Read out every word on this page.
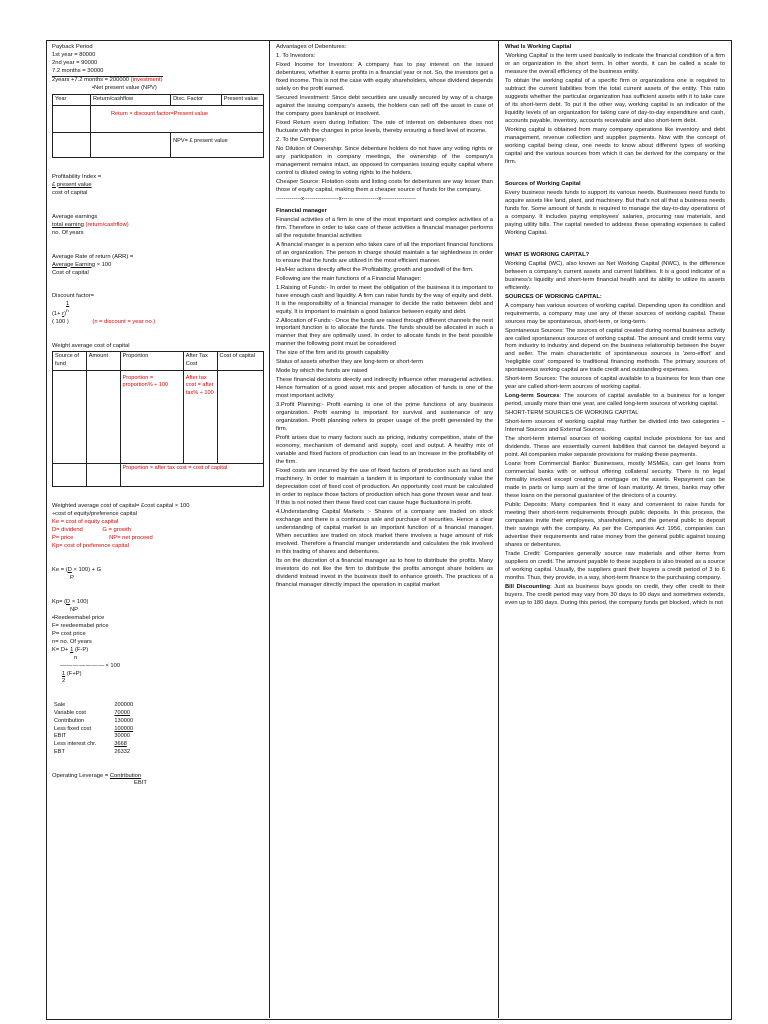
Payback Period

1st year = 80000

2nd year = 90000

7.2 months = 30000

2years +7.2 months = 200000 (investment)

• Net present value (NPV)

Year	Return/cashflow	Disc. Factor	Present value
	Return × discount factor=Present value		
		NPV= £ present value	

Profitability Index =

£ present value

cost of capital

Average earnings

total earning (return/cashflow)

no. Of years

Average Rate of return (ARR) =

Average Earning × 100

Cost of capital

Discount factor=

1

$(1+ r)^n$

( 100 )	(n = discount = year no.)

Weight average cost of capital

Source of fund	Amount	Proportion	After Tax Cost	Cost of capital
		Proportion = proportion% ÷ 100	After tax cost = after tax% ÷ 100	
		Proportion × after tax cost = cost of capital		

Weighted average cost of capital= £cost capital × 100

÷cost of equity/preference capital

Ke = cost of equity capital

D= dividend	G = growth

P= price	NP= net proceed

Kp= cost of preference capital

Ke = (D × 100) + G

P

Kp= (D × 100)

NP

•Reedeemabel price

F= reedeemabel price

P= cost price

n= no. Of years

K= D+ 1 (F-P)

n

— — — — — — — × 100

1 (F+P)

2

Sale	200000
Variable cost	70000
Contribution	130000
Less fixed cost	100000
EBIT	30000
Less interest chr.	3668
EBT	26332

Operating Leverage = Contribution

EBIT

Advantages of Debentures:

1. To Investors:

Fixed Income for Investors: A company has to pay interest on the issued debentures, whether it earns profits in a financial year or not. So, the investors get a fixed income. This is not the case with equity shareholders, whose dividend depends solely on the profit earned.

Secured Investment: Since debt securities are usually secured by way of a charge against the issuing company's assets, the holders can sell off the asset in case of the company goes bankrupt or insolvent.

Fixed Return even during Inflation: The rate of interest on debentures does not fluctuate with the changes in price levels, thereby ensuring a fixed level of income.

2. To the Company:

No Dilution of Ownership: Since debenture holders do not have any voting rights or any participation in company meetings, the ownership of the company's management remains intact, as opposed to companies issuing equity capital where control is diluted owing to voting rights to the holders.

Cheaper Source: Flotation costs and listing costs for debentures are way lesser than those of equity capital, making them a cheaper source of funds for the company.

-------------x------------------x-------------------x------------------

Financial manager

Financial activities of a firm is one of the most important and complex activities of a firm. Therefore in order to take care of these activities a financial manager performs all the requisite financial activities

A financial manger is a person who takes care of all the important financial functions of an organization. The person in charge should maintain a far sightedness in order to ensure that the funds are utilized in the most efficient manner.

His/Her actions directly affect the Profitability, growth and goodwill of the firm.

Following are the main functions of a Financial Manager:

1.Raising of Funds:- In order to meet the obligation of the business it is important to have enough cash and liquidity. A firm can raise funds by the way of equity and debt. It is the responsibility of a financial manager to decide the ratio between debt and equity. It is important to maintain a good balance between equity and debt.

2.Allocation of Funds:- Once the funds are raised through different channels the next important function is to allocate the funds. The funds should be allocated in such a manner that they are optimally used. In order to allocate funds in the best possible manner the following point must be considered

The size of the firm and its growth capability

Status of assets whether they are long-term or short-term

Mode by which the funds are raised

These financial decisions directly and indirectly influence other managerial activities. Hence formation of a good asset mix and proper allocation of funds is one of the most important activity

3.Profit Planning:- Profit earning is one of the prime functions of any business organization. Profit earning is important for survival and sustenance of any organization. Profit planning refers to proper usage of the profit generated by the firm.

Profit arises due to many factors such as pricing, industry competition, state of the economy, mechanism of demand and supply, cost and output. A healthy mix of variable and fixed factors of production can lead to an increase in the profitability of the firm.

Fixed costs are incurred by the use of fixed factors of production such as land and machinery. In order to maintain a tandem it is important to continuously value the depreciation cost of fixed cost of production. An opportunity cost must be calculated in order to replace those factors of production which has gone thrown wear and tear. If this is not noted then these fixed cost can cause huge fluctuations in profit.

4.Understanding Capital Markets :- Shares of a company are traded on stock exchange and there is a continuous sale and purchase of securities. Hence a clear understanding of capital market is an important function of a financial manager. When securities are traded on stock market there involves a huge amount of risk involved. Therefore a financial manger understands and calculates the risk involved in this trading of shares and debentures.

Its on the discretion of a financial manager as to how to distribute the profits. Many investors do not like the firm to distribute the profits amongst share holders as dividend instead invest in the business itself to enhance growth. The practices of a financial manager directly impact the operation in capital market

What Is Working Capital

'Working Capital' is the term used basically to indicate the financial condition of a firm or an organization in the short term. In other words, it can be called a scale to measure the overall efficiency of the business entity.

To obtain the working capital of a specific firm or organizations one is required to subtract the current liabilities from the total current assets of the entity. This ratio suggests whether the particular organization has sufficient assets with it to take care of its short-term debt. To put it the other way, working capital is an indicator of the liquidity levels of an organization for taking care of day-to-day expenditure and cash, accounts payable, inventory, accounts receivable and also short-term debt.

Working capital is obtained from many company operations like inventory and debt management, revenue collection and supplier payments. Now with the concept of working capital being clear, one needs to know about different types of working capital and the various sources from which it can be derived for the company or the firm.

Sources of Working Capital

Every business needs funds to support its various needs. Businesses need funds to acquire assets like land, plant, and machinery. But that's not all that a business needs funds for. Some amount of funds is required to manage the day-to-day operations of a company. It includes paying employees' salaries, procuring raw materials, and paying utility bills. The capital needed to address these operating expenses is called Working Capital.

WHAT IS WORKING CAPITAL?

Working Capital (WC), also known as Net Working Capital (NWC), is the difference between a company's current assets and current liabilities. It is a good indicator of a business's liquidity and short-term financial health and its ability to utilize its assets efficiently.

SOURCES OF WORKING CAPITAL:

A company has various sources of working capital. Depending upon its condition and requirements, a company may use any of these sources of working capital. These sources may be spontaneous, short-term, or long-term.

Spontaneous Sources: The sources of capital created during normal business activity are called spontaneous sources of working capital. The amount and credit terms vary from industry to industry and depend on the business relationship between the buyer and seller. The main characteristic of spontaneous sources is 'zero-effort' and 'negligible cost' compared to traditional financing methods. The primary sources of spontaneous working capital are trade credit and outstanding expenses.

Short-term Sources: The sources of capital available to a business for less than one year are called short-term sources of working capital.

Long-term Sources: The sources of capital available to a business for a longer period, usually more than one year, are called long-term sources of working capital.

SHORT-TERM SOURCES OF WORKING CAPITAL

Short-term sources of working capital may further be divided into two categories – Internal Sources and External Sources.

The short-term internal sources of working capital include provisions for tax and dividends. These are essentially current liabilities that cannot be delayed beyond a point. All companies make separate provisions for making these payments.

Loans from Commercial Banks: Businesses, mostly MSMEs, can get loans from commercial banks with or without offering collateral security. There is no legal formality involved except creating a mortgage on the assets. Repayment can be made in parts or lump sum at the time of loan maturity. At times, banks may offer these loans on the personal guarantee of the directors of a country.

Public Deposits: Many companies find it easy and convenient to raise funds for meeting their short-term requirements through public deposits. In this process, the companies invite their employees, shareholders, and the general public to deposit their savings with the company. As per the Companies Act 1956, companies can advertise their requirements and raise money from the general public against issuing shares or debentures.

Trade Credit: Companies generally source raw materials and other items from suppliers on credit. The amount payable to these suppliers is also treated as a source of working capital. Usually, the suppliers grant their buyers a credit period of 3 to 6 months. Thus, they provide, in a way, short-term finance to the purchasing company.

Bill Discounting: Just as business buys goods on credit, they offer credit to their buyers. The credit period may vary from 30 days to 90 days and sometimes extends, even up to 180 days. During this period, the company funds get blocked, which is not
